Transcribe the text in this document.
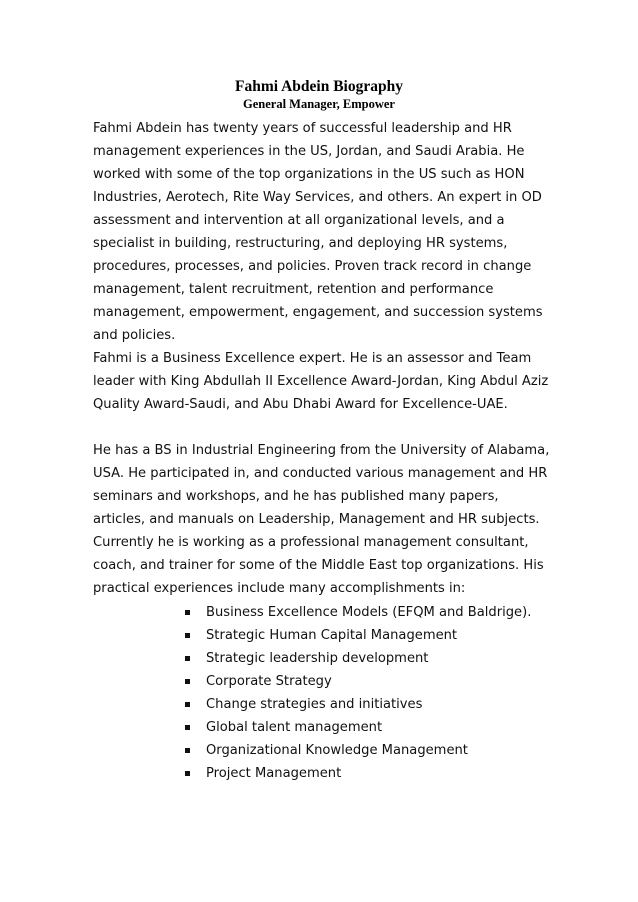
Fahmi Abdein Biography
General Manager, Empower

Fahmi Abdein has twenty years of successful leadership and HR management experiences in the US, Jordan, and Saudi Arabia. He worked with some of the top organizations in the US such as HON Industries, Aerotech, Rite Way Services, and others. An expert in OD assessment and intervention at all organizational levels, and a specialist in building, restructuring, and deploying HR systems, procedures, processes, and policies. Proven track record in change management, talent recruitment, retention and performance management, empowerment, engagement, and succession systems and policies.

Fahmi is a Business Excellence expert. He is an assessor and Team leader with King Abdullah II Excellence Award-Jordan, King Abdul Aziz Quality Award-Saudi, and Abu Dhabi Award for Excellence-UAE.

He has a BS in Industrial Engineering from the University of Alabama, USA. He participated in, and conducted various management and HR seminars and workshops, and he has published many papers, articles, and manuals on Leadership, Management and HR subjects. Currently he is working as a professional management consultant, coach, and trainer for some of the Middle East top organizations. His practical experiences include many accomplishments in:

Business Excellence Models (EFQM and Baldrige).
Strategic Human Capital Management
Strategic leadership development
Corporate Strategy
Change strategies and initiatives
Global talent management
Organizational Knowledge Management
Project Management
